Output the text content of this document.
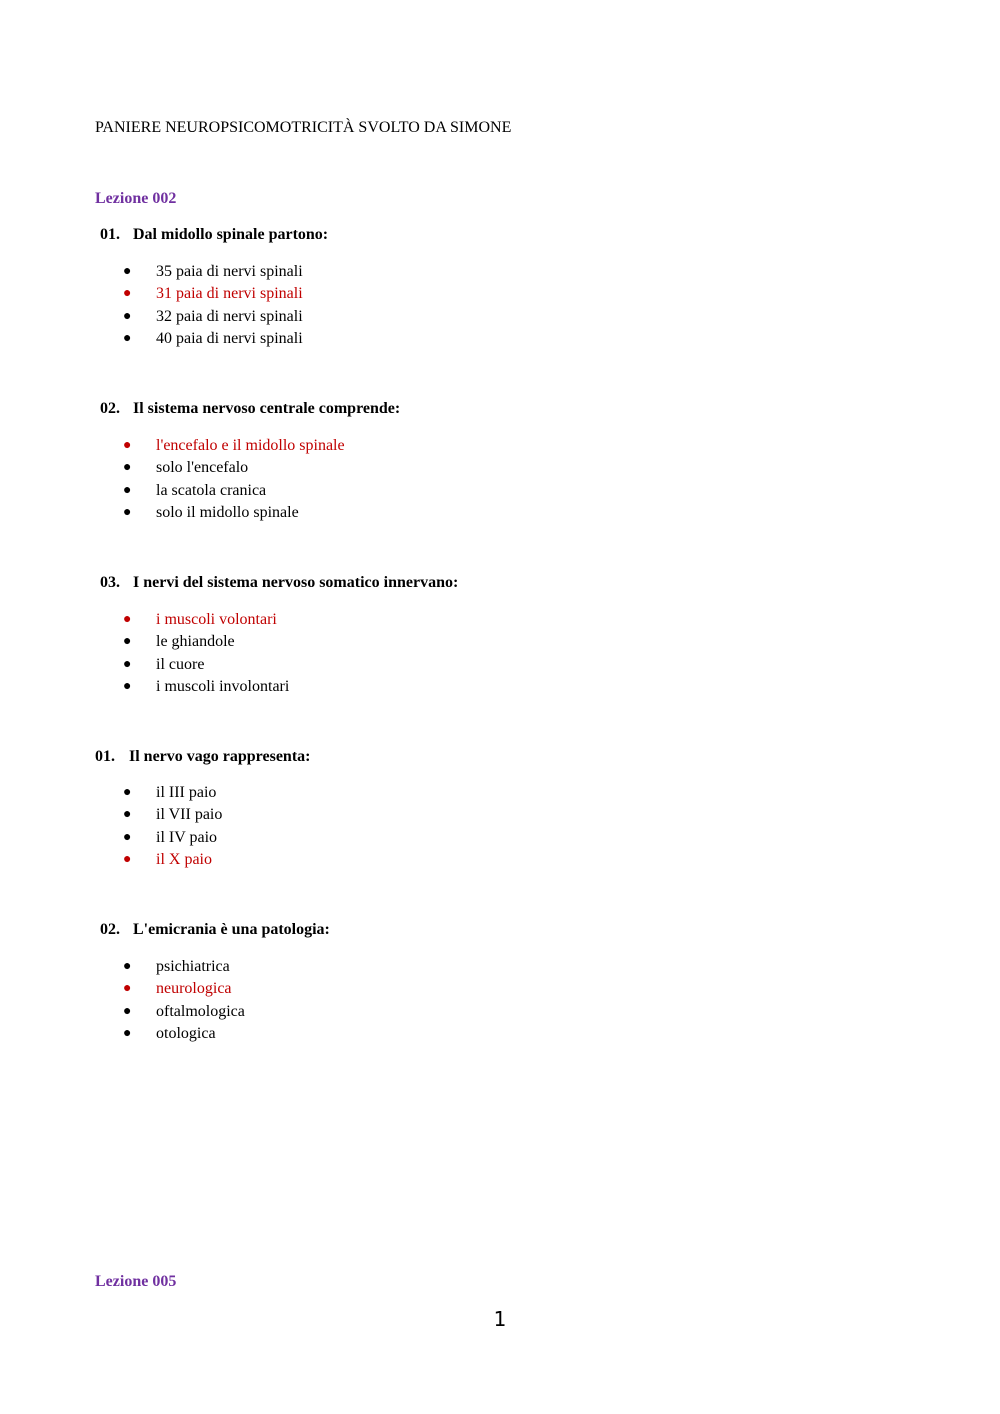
PANIERE NEUROPSICOMOTRICITÀ SVOLTO DA SIMONE
Lezione 002
01. Dal midollo spinale partono:
● 35 paia di nervi spinali
● 31 paia di nervi spinali
● 32 paia di nervi spinali
● 40 paia di nervi spinali
02. Il sistema nervoso centrale comprende:
● l'encefalo e il midollo spinale
● solo l'encefalo
● la scatola cranica
● solo il midollo spinale
03. I nervi del sistema nervoso somatico innervano:
● i muscoli volontari
● le ghiandole
● il cuore
● i muscoli involontari
01. Il nervo vago rappresenta:
● il III paio
● il VII paio
● il IV paio
● il X paio
02. L'emicrania è una patologia:
● psichiatrica
● neurologica
● oftalmologica
● otologica
Lezione 005
1
